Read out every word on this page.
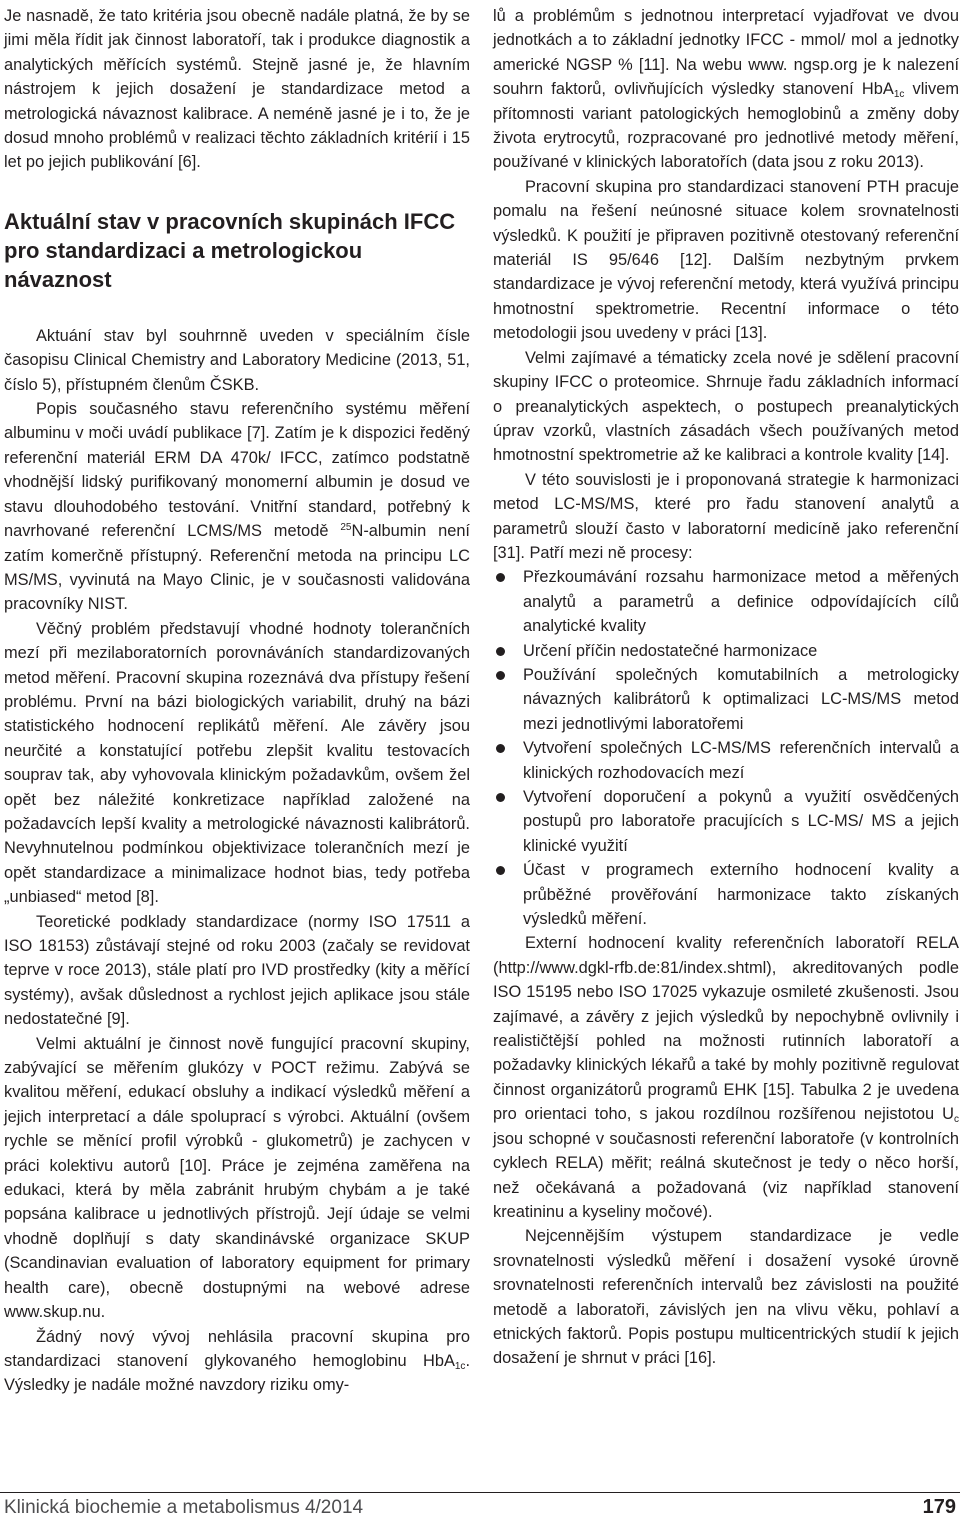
Je nasnadě, že tato kritéria jsou obecně nadále platná, že by se jimi měla řídit jak činnost laboratoří, tak i produkce diagnostik a analytických měřících systémů. Stejně jasné je, že hlavním nástrojem k jejich dosažení je standardizace metod a metrologická návaznost kalibrace. A neméně jasné je i to, že je dosud mnoho problémů v realizaci těchto základních kritérií i 15 let po jejich publikování [6].

Aktuální stav v pracovních skupinách IFCC pro standardizaci a metrologickou návaznost

Aktuání stav byl souhrnně uveden v speciálním čísle časopisu Clinical Chemistry and Laboratory Medicine (2013, 51, číslo 5), přístupném členům ČSKB.

Popis současného stavu referenčního systému měření albuminu v moči uvádí publikace [7]. Zatím je k dispozici ředěný referenční materiál ERM DA 470k/ IFCC, zatímco podstatně vhodnější lidský purifikovaný monomerní albumin je dosud ve stavu dlouhodobého testování. Vnitřní standard, potřebný k navrhované referenční LCMS/MS metodě $^{25}$N-albumin není zatím komerčně přístupný. Referenční metoda na principu LC MS/MS, vyvinutá na Mayo Clinic, je v současnosti validována pracovníky NIST.

Věčný problém představují vhodné hodnoty tolerančních mezí při mezilaboratorních porovnáváních standardizovaných metod měření. Pracovní skupina rozeznává dva přístupy řešení problému. První na bázi biologických variabilit, druhý na bázi statistického hodnocení replikátů měření. Ale závěry jsou neurčité a konstatující potřebu zlepšit kvalitu testovacích souprav tak, aby vyhovovala klinickým požadavkům, ovšem žel opět bez náležité konkretizace například založené na požadavcích lepší kvality a metrologické návaznosti kalibrátorů. Nevyhnutelnou podmínkou objektivizace tolerančních mezí je opět standardizace a minimalizace hodnot bias, tedy potřeba „unbiased“ metod [8].

Teoretické podklady standardizace (normy ISO 17511 a ISO 18153) zůstávají stejné od roku 2003 (začaly se revidovat teprve v roce 2013), stále platí pro IVD prostředky (kity a měřící systémy), avšak důslednost a rychlost jejich aplikace jsou stále nedostatečné [9].

Velmi aktuální je činnost nově fungující pracovní skupiny, zabývající se měřením glukózy v POCT režimu. Zabývá se kvalitou měření, edukací obsluhy a indikací výsledků měření a jejich interpretací a dále spoluprací s výrobci. Aktuální (ovšem rychle se měnící profil výrobků - glukometrů) je zachycen v práci kolektivu autorů [10]. Práce je zejména zaměřena na edukaci, která by měla zabránit hrubým chybám a je také popsána kalibrace u jednotlivých přístrojů. Její údaje se velmi vhodně doplňují s daty skandinávské organizace SKUP (Scandinavian evaluation of laboratory equipment for primary health care), obecně dostupnými na webové adrese www.skup.nu.

Žádný nový vývoj nehlásila pracovní skupina pro standardizaci stanovení glykovaného hemoglobinu HbA$_{1c}$. Výsledky je nadále možné navzdory riziku omy-

lů a problémům s jednotnou interpretací vyjadřovat ve dvou jednotkách a to základní jednotky IFCC - mmol/ mol a jednotky americké NGSP % [11]. Na webu www. ngsp.org je k nalezení souhrn faktorů, ovlivňujících výsledky stanovení HbA$_{1c}$ vlivem přítomnosti variant patologických hemoglobinů a změny doby života erytrocytů, rozpracované pro jednotlivé metody měření, používané v klinických laboratořích (data jsou z roku 2013).

Pracovní skupina pro standardizaci stanovení PTH pracuje pomalu na řešení neúnosné situace kolem srovnatelnosti výsledků. K použití je připraven pozitivně otestovaný referenční materiál IS 95/646 [12]. Dalším nezbytným prvkem standardizace je vývoj referenční metody, která využívá principu hmotnostní spektrometrie. Recentní informace o této metodologii jsou uvedeny v práci [13].

Velmi zajímavé a tématicky zcela nové je sdělení pracovní skupiny IFCC o proteomice. Shrnuje řadu základních informací o preanalytických aspektech, o postupech preanalytických úprav vzorků, vlastních zásadách všech používaných metod hmotnostní spektrometrie až ke kalibraci a kontrole kvality [14].

V této souvislosti je i proponovaná strategie k harmonizaci metod LC-MS/MS, které pro řadu stanovení analytů a parametrů slouží často v laboratorní medicíně jako referenční [31]. Patří mezi ně procesy:

Přezkoumávání rozsahu harmonizace metod a měřených analytů a parametrů a definice odpovídajících cílů analytické kvality
Určení příčin nedostatečné harmonizace
Používání společných komutabilních a metrologicky návazných kalibrátorů k optimalizaci LC-MS/MS metod mezi jednotlivými laboratořemi
Vytvoření společných LC-MS/MS referenčních intervalů a klinických rozhodovacích mezí
Vytvoření doporučení a pokynů a využití osvědčených postupů pro laboratoře pracujících s LC-MS/ MS a jejich klinické využití
Účast v programech externího hodnocení kvality a průběžné prověřování harmonizace takto získaných výsledků měření.

Externí hodnocení kvality referenčních laboratoří RELA (http://www.dgkl-rfb.de:81/index.shtml), akreditovaných podle ISO 15195 nebo ISO 17025 vykazuje osmileté zkušenosti. Jsou zajímavé, a závěry z jejich výsledků by nepochybně ovlivnily i realističtější pohled na možnosti rutinních laboratoří a požadavky klinických lékařů a také by mohly pozitivně regulovat činnost organizátorů programů EHK [15]. Tabulka 2 je uvedena pro orientaci toho, s jakou rozdílnou rozšířenou nejistotou $U_c$ jsou schopné v současnosti referenční laboratoře (v kontrolních cyklech RELA) měřit; reálná skutečnost je tedy o něco horší, než očekávaná a požadovaná (viz například stanovení kreatininu a kyseliny močové).

Nejcennějším výstupem standardizace je vedle srovnatelnosti výsledků měření i dosažení vysoké úrovně srovnatelnosti referenčních intervalů bez závislosti na použité metodě a laboratoři, závislých jen na vlivu věku, pohlaví a etnických faktorů. Popis postupu multicentrických studií k jejich dosažení je shrnut v práci [16].

Klinická biochemie a metabolismus 4/2014	179
